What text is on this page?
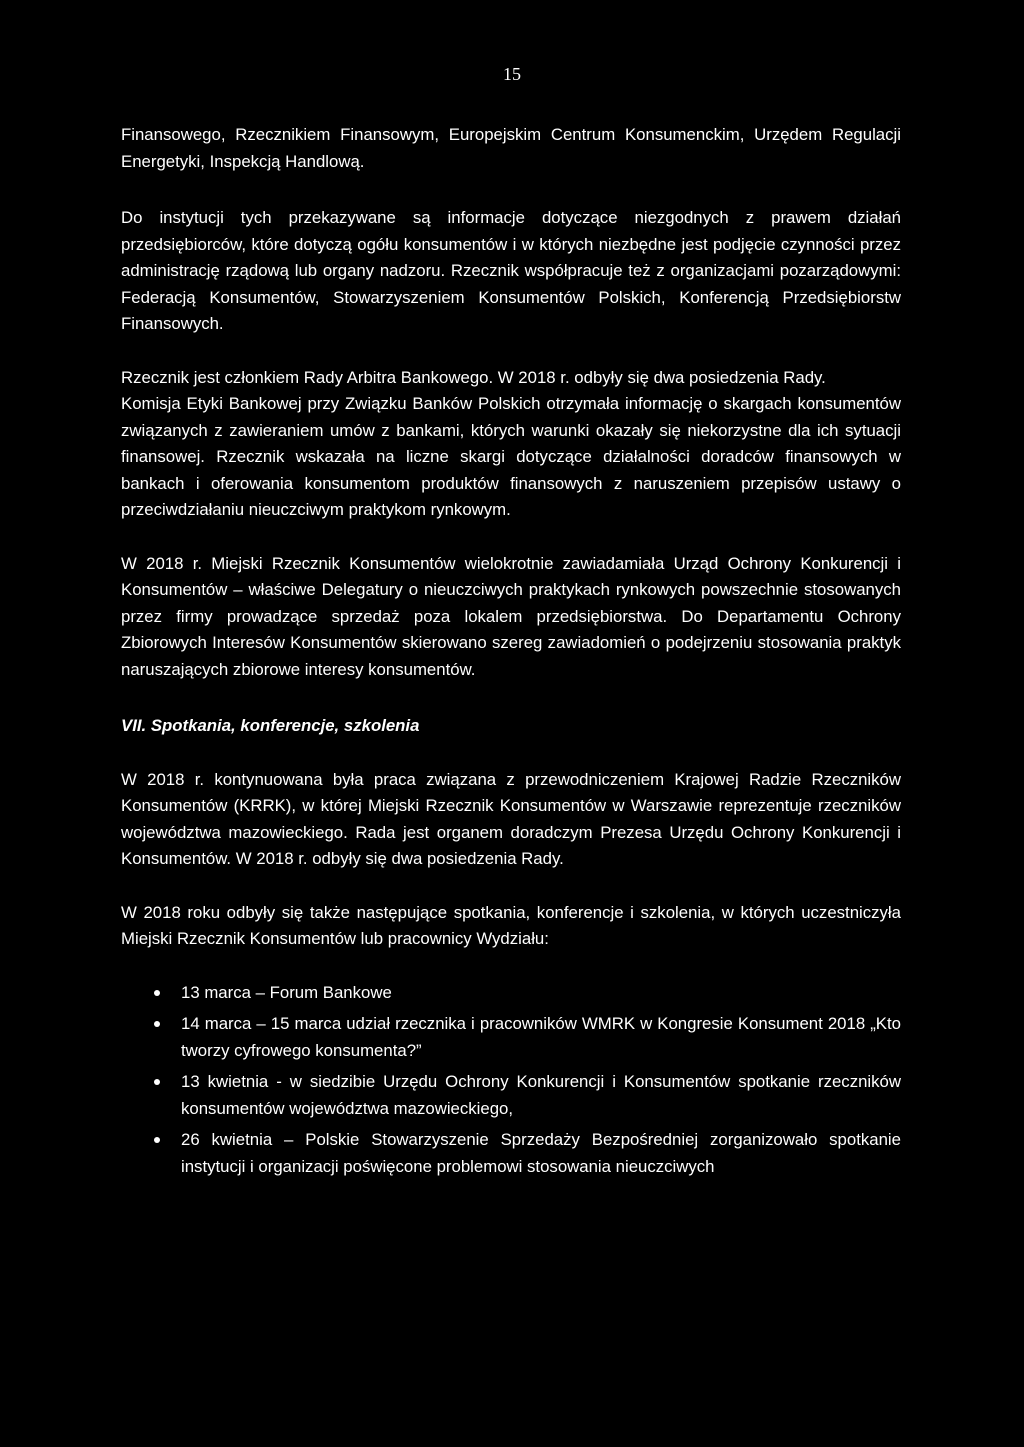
15

Finansowego, Rzecznikiem Finansowym, Europejskim Centrum Konsumenckim, Urzędem Regulacji Energetyki, Inspekcją Handlową.

Do instytucji tych przekazywane są informacje dotyczące niezgodnych z prawem działań przedsiębiorców, które dotyczą ogółu konsumentów i w których niezbędne jest podjęcie czynności przez administrację rządową lub organy nadzoru. Rzecznik współpracuje też z organizacjami pozarządowymi: Federacją Konsumentów, Stowarzyszeniem Konsumentów Polskich, Konferencją Przedsiębiorstw Finansowych.

Rzecznik jest członkiem Rady Arbitra Bankowego. W 2018 r. odbyły się dwa posiedzenia Rady.

Komisja Etyki Bankowej przy Związku Banków Polskich otrzymała informację o skargach konsumentów związanych z zawieraniem umów z bankami, których warunki okazały się niekorzystne dla ich sytuacji finansowej. Rzecznik wskazała na liczne skargi dotyczące działalności doradców finansowych w bankach i oferowania konsumentom produktów finansowych z naruszeniem przepisów ustawy o przeciwdziałaniu nieuczciwym praktykom rynkowym.

W 2018 r. Miejski Rzecznik Konsumentów wielokrotnie zawiadamiała Urząd Ochrony Konkurencji i Konsumentów – właściwe Delegatury o nieuczciwych praktykach rynkowych powszechnie stosowanych przez firmy prowadzące sprzedaż poza lokalem przedsiębiorstwa. Do Departamentu Ochrony Zbiorowych Interesów Konsumentów skierowano szereg zawiadomień o podejrzeniu stosowania praktyk naruszających zbiorowe interesy konsumentów.

VII. Spotkania, konferencje, szkolenia

W 2018 r. kontynuowana była praca związana z przewodniczeniem Krajowej Radzie Rzeczników Konsumentów (KRRK), w której Miejski Rzecznik Konsumentów w Warszawie reprezentuje rzeczników województwa mazowieckiego. Rada jest organem doradczym Prezesa Urzędu Ochrony Konkurencji i Konsumentów. W 2018 r. odbyły się dwa posiedzenia Rady.

W 2018 roku odbyły się także następujące spotkania, konferencje i szkolenia, w których uczestniczyła Miejski Rzecznik Konsumentów lub pracownicy Wydziału:

13 marca – Forum Bankowe
14 marca – 15 marca udział rzecznika i pracowników WMRK w Kongresie Konsument 2018 „Kto tworzy cyfrowego konsumenta?”
13 kwietnia - w siedzibie Urzędu Ochrony Konkurencji i Konsumentów spotkanie rzeczników konsumentów województwa mazowieckiego,
26 kwietnia – Polskie Stowarzyszenie Sprzedaży Bezpośredniej zorganizowało spotkanie instytucji i organizacji poświęcone problemowi stosowania nieuczciwych
